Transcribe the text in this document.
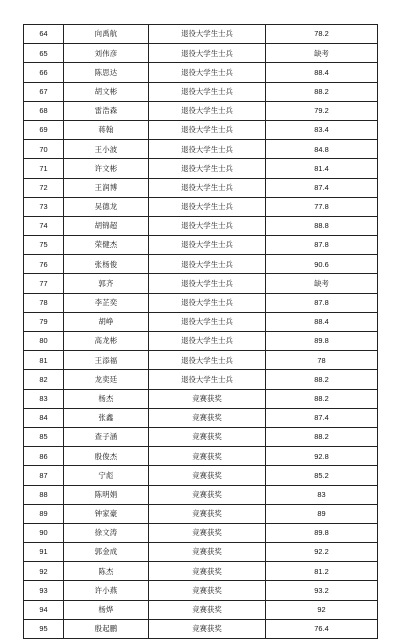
64	向禹航	退役大学生士兵	78.2
65	刘伟彦	退役大学生士兵	缺考
66	陈思达	退役大学生士兵	88.4
67	胡文彬	退役大学生士兵	88.2
68	雷浩森	退役大学生士兵	79.2
69	蒋翰	退役大学生士兵	83.4
70	王小波	退役大学生士兵	84.8
71	许文彬	退役大学生士兵	81.4
72	王润博	退役大学生士兵	87.4
73	吴德龙	退役大学生士兵	77.8
74	胡锦超	退役大学生士兵	88.8
75	荣健杰	退役大学生士兵	87.8
76	张杨俊	退役大学生士兵	90.6
77	郭齐	退役大学生士兵	缺考
78	李芷奕	退役大学生士兵	87.8
79	胡峥	退役大学生士兵	88.4
80	高龙彬	退役大学生士兵	89.8
81	王添福	退役大学生士兵	78
82	龙奕廷	退役大学生士兵	88.2
83	杨杰	竞赛获奖	88.2
84	张鑫	竞赛获奖	87.4
85	查子涵	竞赛获奖	88.2
86	殷俊杰	竞赛获奖	92.8
87	宁彪	竞赛获奖	85.2
88	陈明娟	竞赛获奖	83
89	钟家豪	竞赛获奖	89
90	徐文涛	竞赛获奖	89.8
91	郭金成	竞赛获奖	92.2
92	陈杰	竞赛获奖	81.2
93	许小燕	竞赛获奖	93.2
94	杨烨	竞赛获奖	92
95	殷起鹏	竞赛获奖	76.4
